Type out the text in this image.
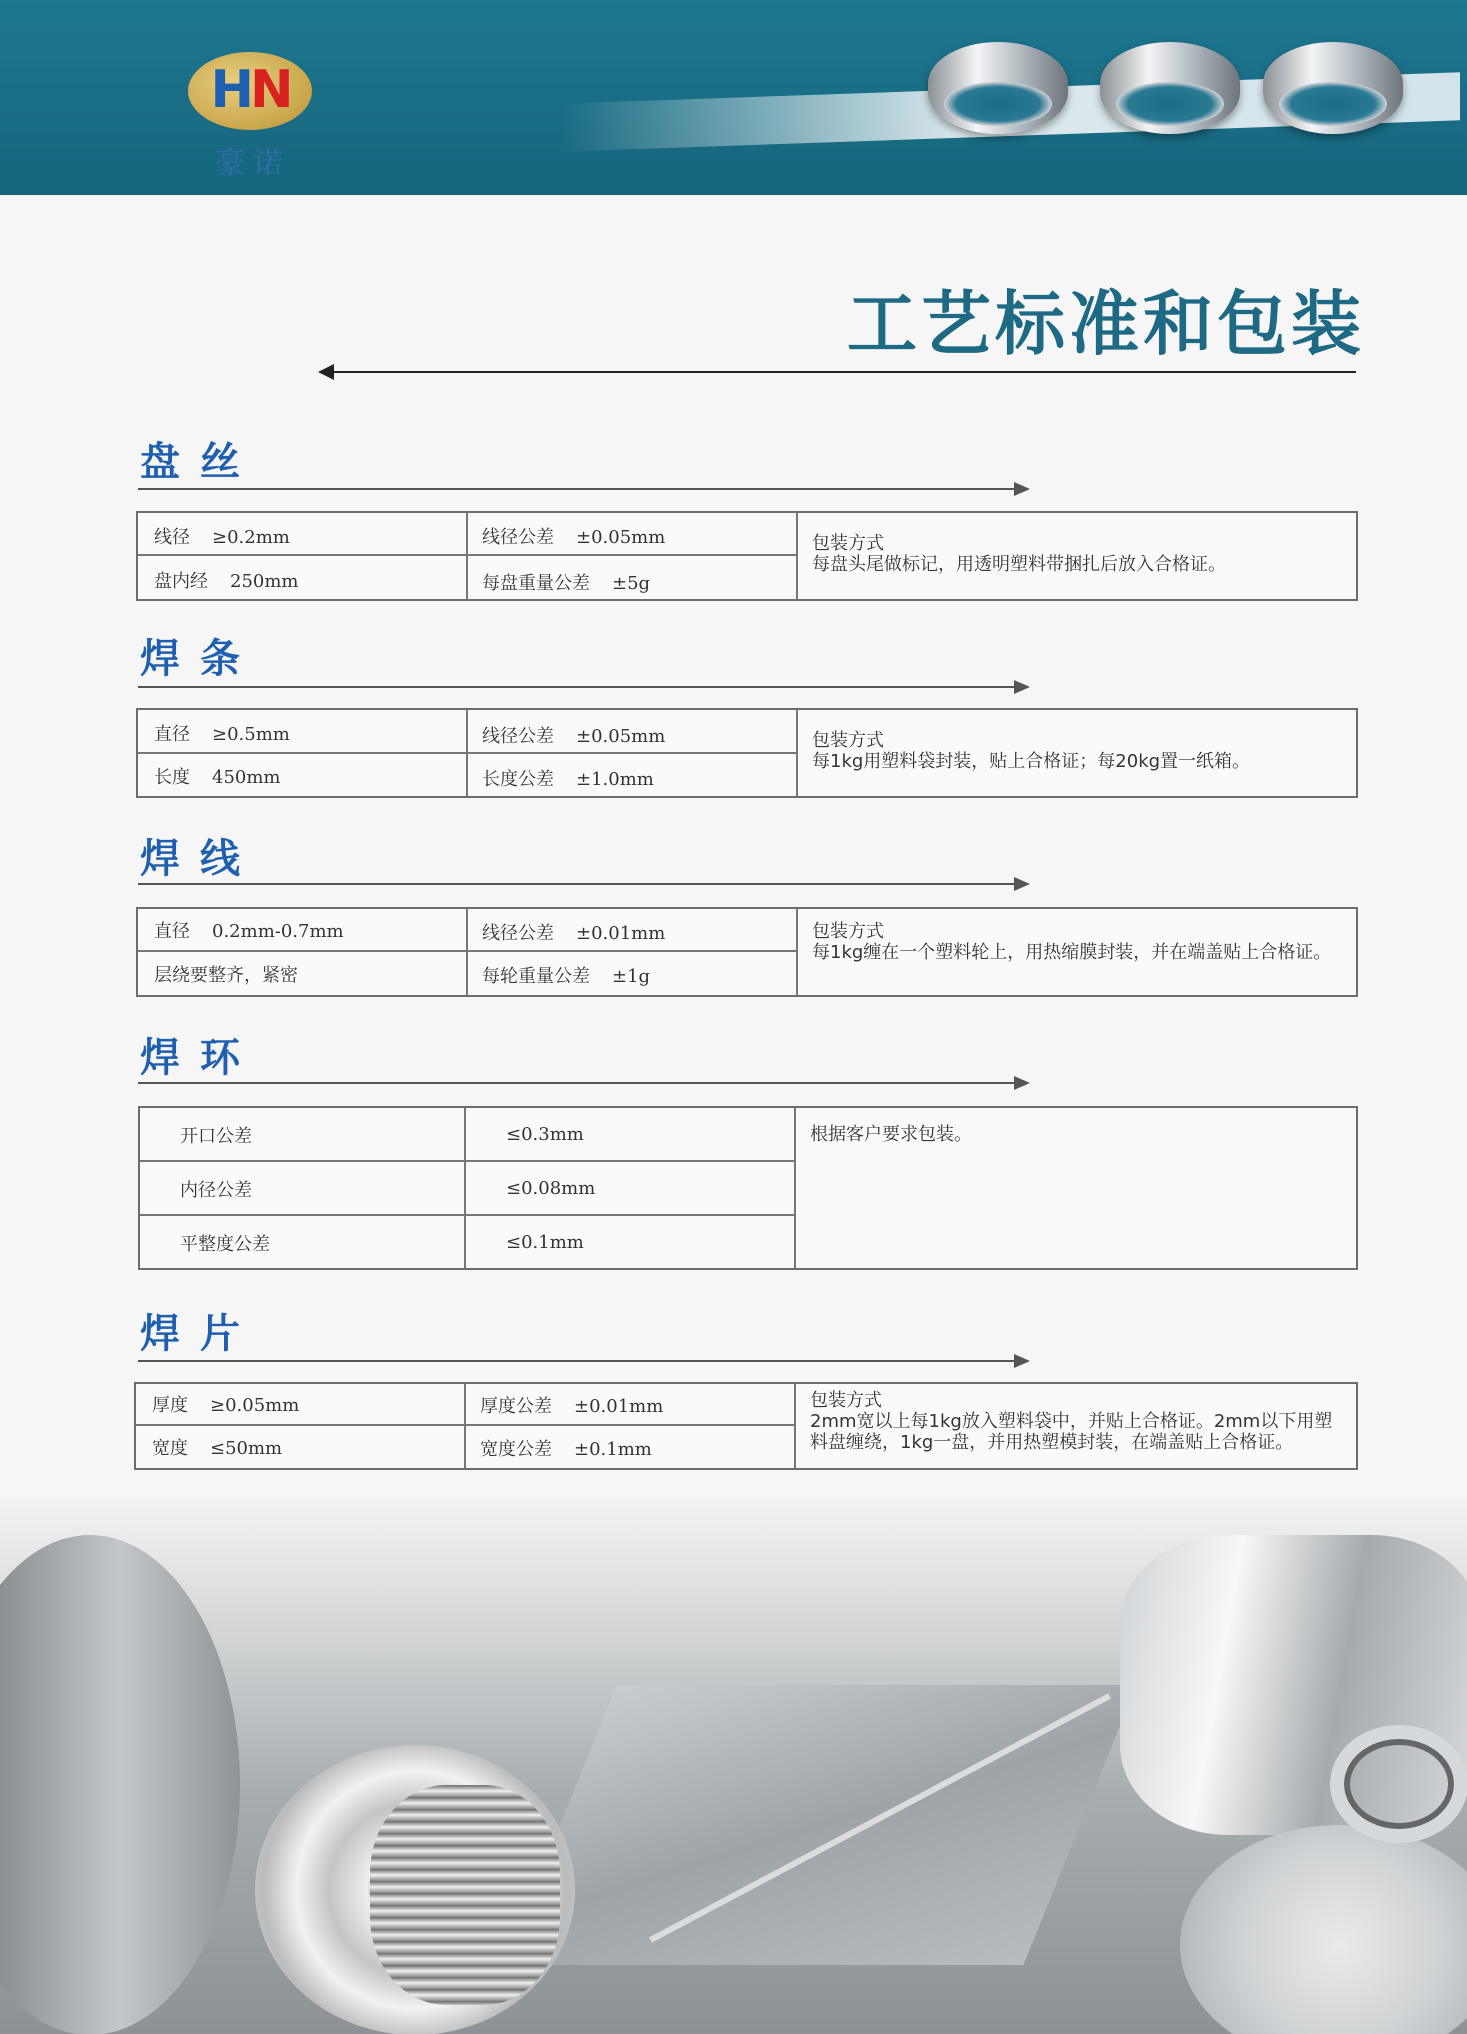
HN
豪诺
工艺标准和包装
盘丝
线径 ≥0.2mm	线径公差 ±0.05mm
盘内经 250mm	每盘重量公差 ±5g
包装方式
每盘头尾做标记，用透明塑料带捆扎后放入合格证。
焊条
直径 ≥0.5mm	线径公差 ±0.05mm
长度 450mm	长度公差 ±1.0mm
包装方式
每1kg用塑料袋封装，贴上合格证；每20kg置一纸箱。
焊线
直径 0.2mm-0.7mm	线径公差 ±0.01mm
层绕要整齐，紧密	每轮重量公差 ±1g
包装方式
每1kg缠在一个塑料轮上，用热缩膜封装，并在端盖贴上合格证。
焊环
开口公差	≤0.3mm
内径公差	≤0.08mm
平整度公差	≤0.1mm
根据客户要求包装。
焊片
厚度 ≥0.05mm	厚度公差 ±0.01mm
宽度 ≤50mm	宽度公差 ±0.1mm
包装方式
2mm宽以上每1kg放入塑料袋中，并贴上合格证。2mm以下用塑料盘缠绕，1kg一盘，并用热塑模封装，在端盖贴上合格证。
